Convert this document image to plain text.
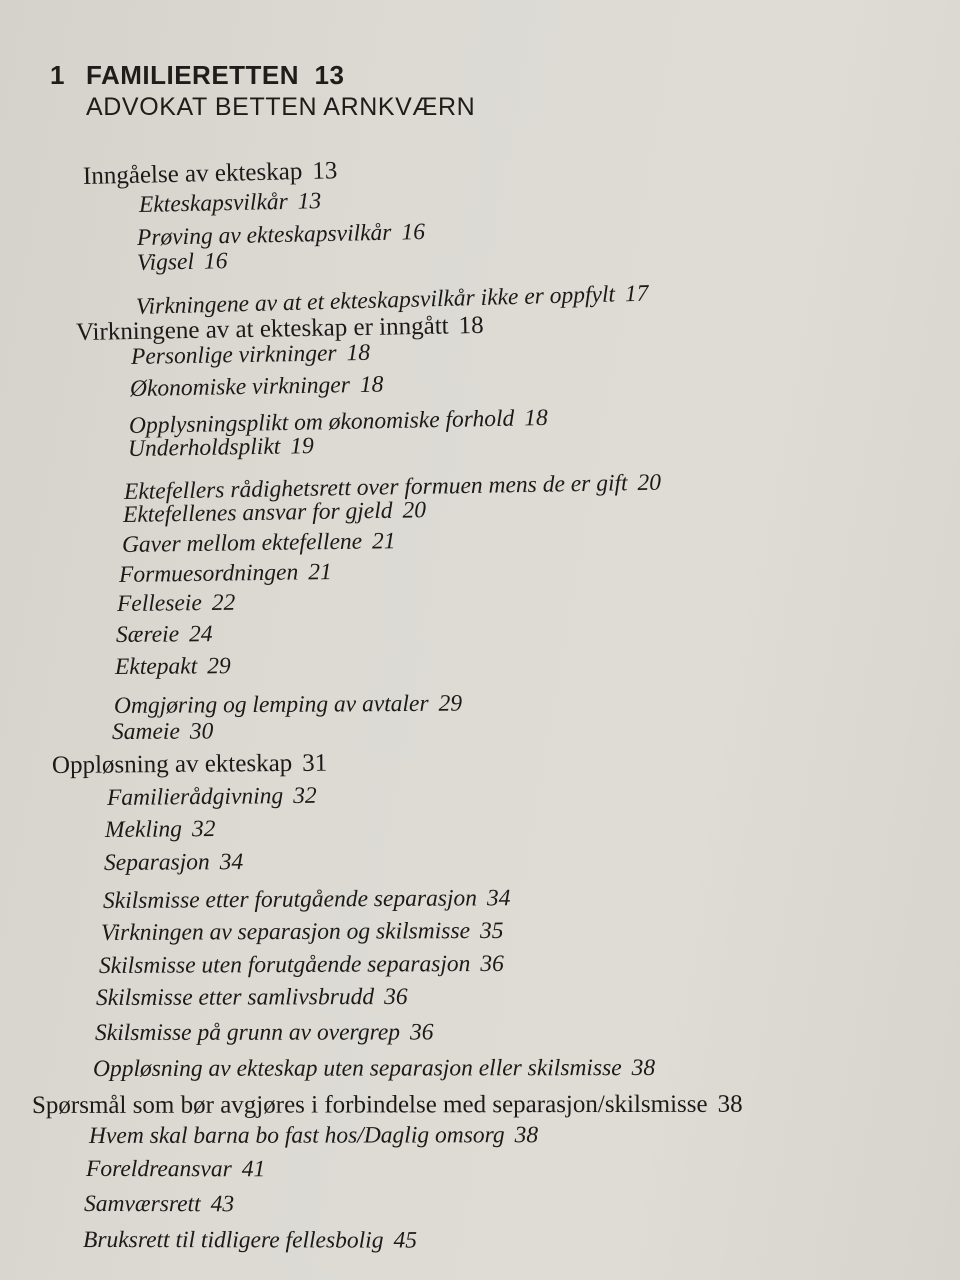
1 FAMILIERETTEN 13
ADVOKAT BETTEN ARNKVÆRN
Inngåelse av ekteskap 13
Ekteskapsvilkår 13
Prøving av ekteskapsvilkår 16
Vigsel 16
Virkningene av at et ekteskapsvilkår ikke er oppfylt 17
Virkningene av at ekteskap er inngått 18
Personlige virkninger 18
Økonomiske virkninger 18
Opplysningsplikt om økonomiske forhold 18
Underholdsplikt 19
Ektefellers rådighetsrett over formuen mens de er gift 20
Ektefellenes ansvar for gjeld 20
Gaver mellom ektefellene 21
Formuesordningen 21
Felleseie 22
Særeie 24
Ektepakt 29
Omgjøring og lemping av avtaler 29
Sameie 30
Oppløsning av ekteskap 31
Familierådgivning 32
Mekling 32
Separasjon 34
Skilsmisse etter forutgående separasjon 34
Virkningen av separasjon og skilsmisse 35
Skilsmisse uten forutgående separasjon 36
Skilsmisse etter samlivsbrudd 36
Skilsmisse på grunn av overgrep 36
Oppløsning av ekteskap uten separasjon eller skilsmisse 38
Spørsmål som bør avgjøres i forbindelse med separasjon/skilsmisse 38
Hvem skal barna bo fast hos/Daglig omsorg 38
Foreldreansvar 41
Samværsrett 43
Bruksrett til tidligere fellesbolig 45
